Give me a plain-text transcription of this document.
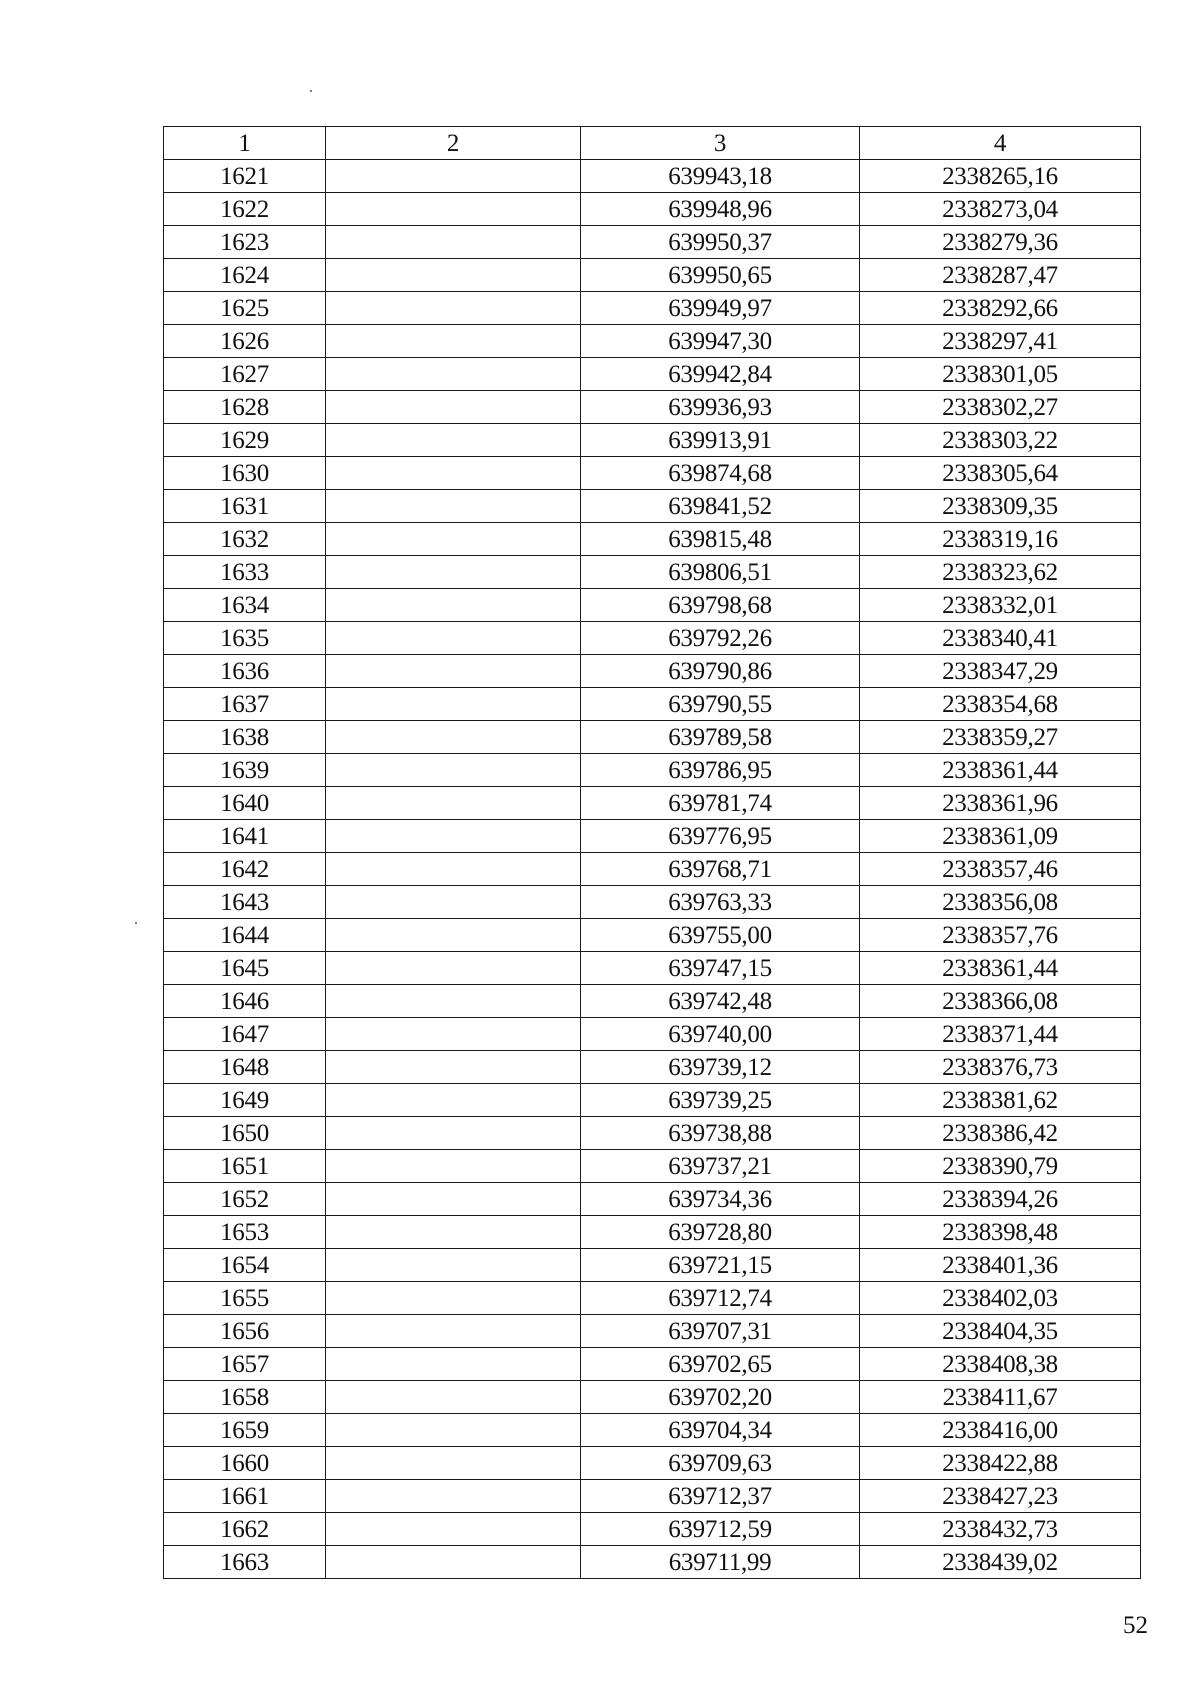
1	2	3	4
1621		639943,18	2338265,16
1622		639948,96	2338273,04
1623		639950,37	2338279,36
1624		639950,65	2338287,47
1625		639949,97	2338292,66
1626		639947,30	2338297,41
1627		639942,84	2338301,05
1628		639936,93	2338302,27
1629		639913,91	2338303,22
1630		639874,68	2338305,64
1631		639841,52	2338309,35
1632		639815,48	2338319,16
1633		639806,51	2338323,62
1634		639798,68	2338332,01
1635		639792,26	2338340,41
1636		639790,86	2338347,29
1637		639790,55	2338354,68
1638		639789,58	2338359,27
1639		639786,95	2338361,44
1640		639781,74	2338361,96
1641		639776,95	2338361,09
1642		639768,71	2338357,46
1643		639763,33	2338356,08
1644		639755,00	2338357,76
1645		639747,15	2338361,44
1646		639742,48	2338366,08
1647		639740,00	2338371,44
1648		639739,12	2338376,73
1649		639739,25	2338381,62
1650		639738,88	2338386,42
1651		639737,21	2338390,79
1652		639734,36	2338394,26
1653		639728,80	2338398,48
1654		639721,15	2338401,36
1655		639712,74	2338402,03
1656		639707,31	2338404,35
1657		639702,65	2338408,38
1658		639702,20	2338411,67
1659		639704,34	2338416,00
1660		639709,63	2338422,88
1661		639712,37	2338427,23
1662		639712,59	2338432,73
1663		639711,99	2338439,02
52
